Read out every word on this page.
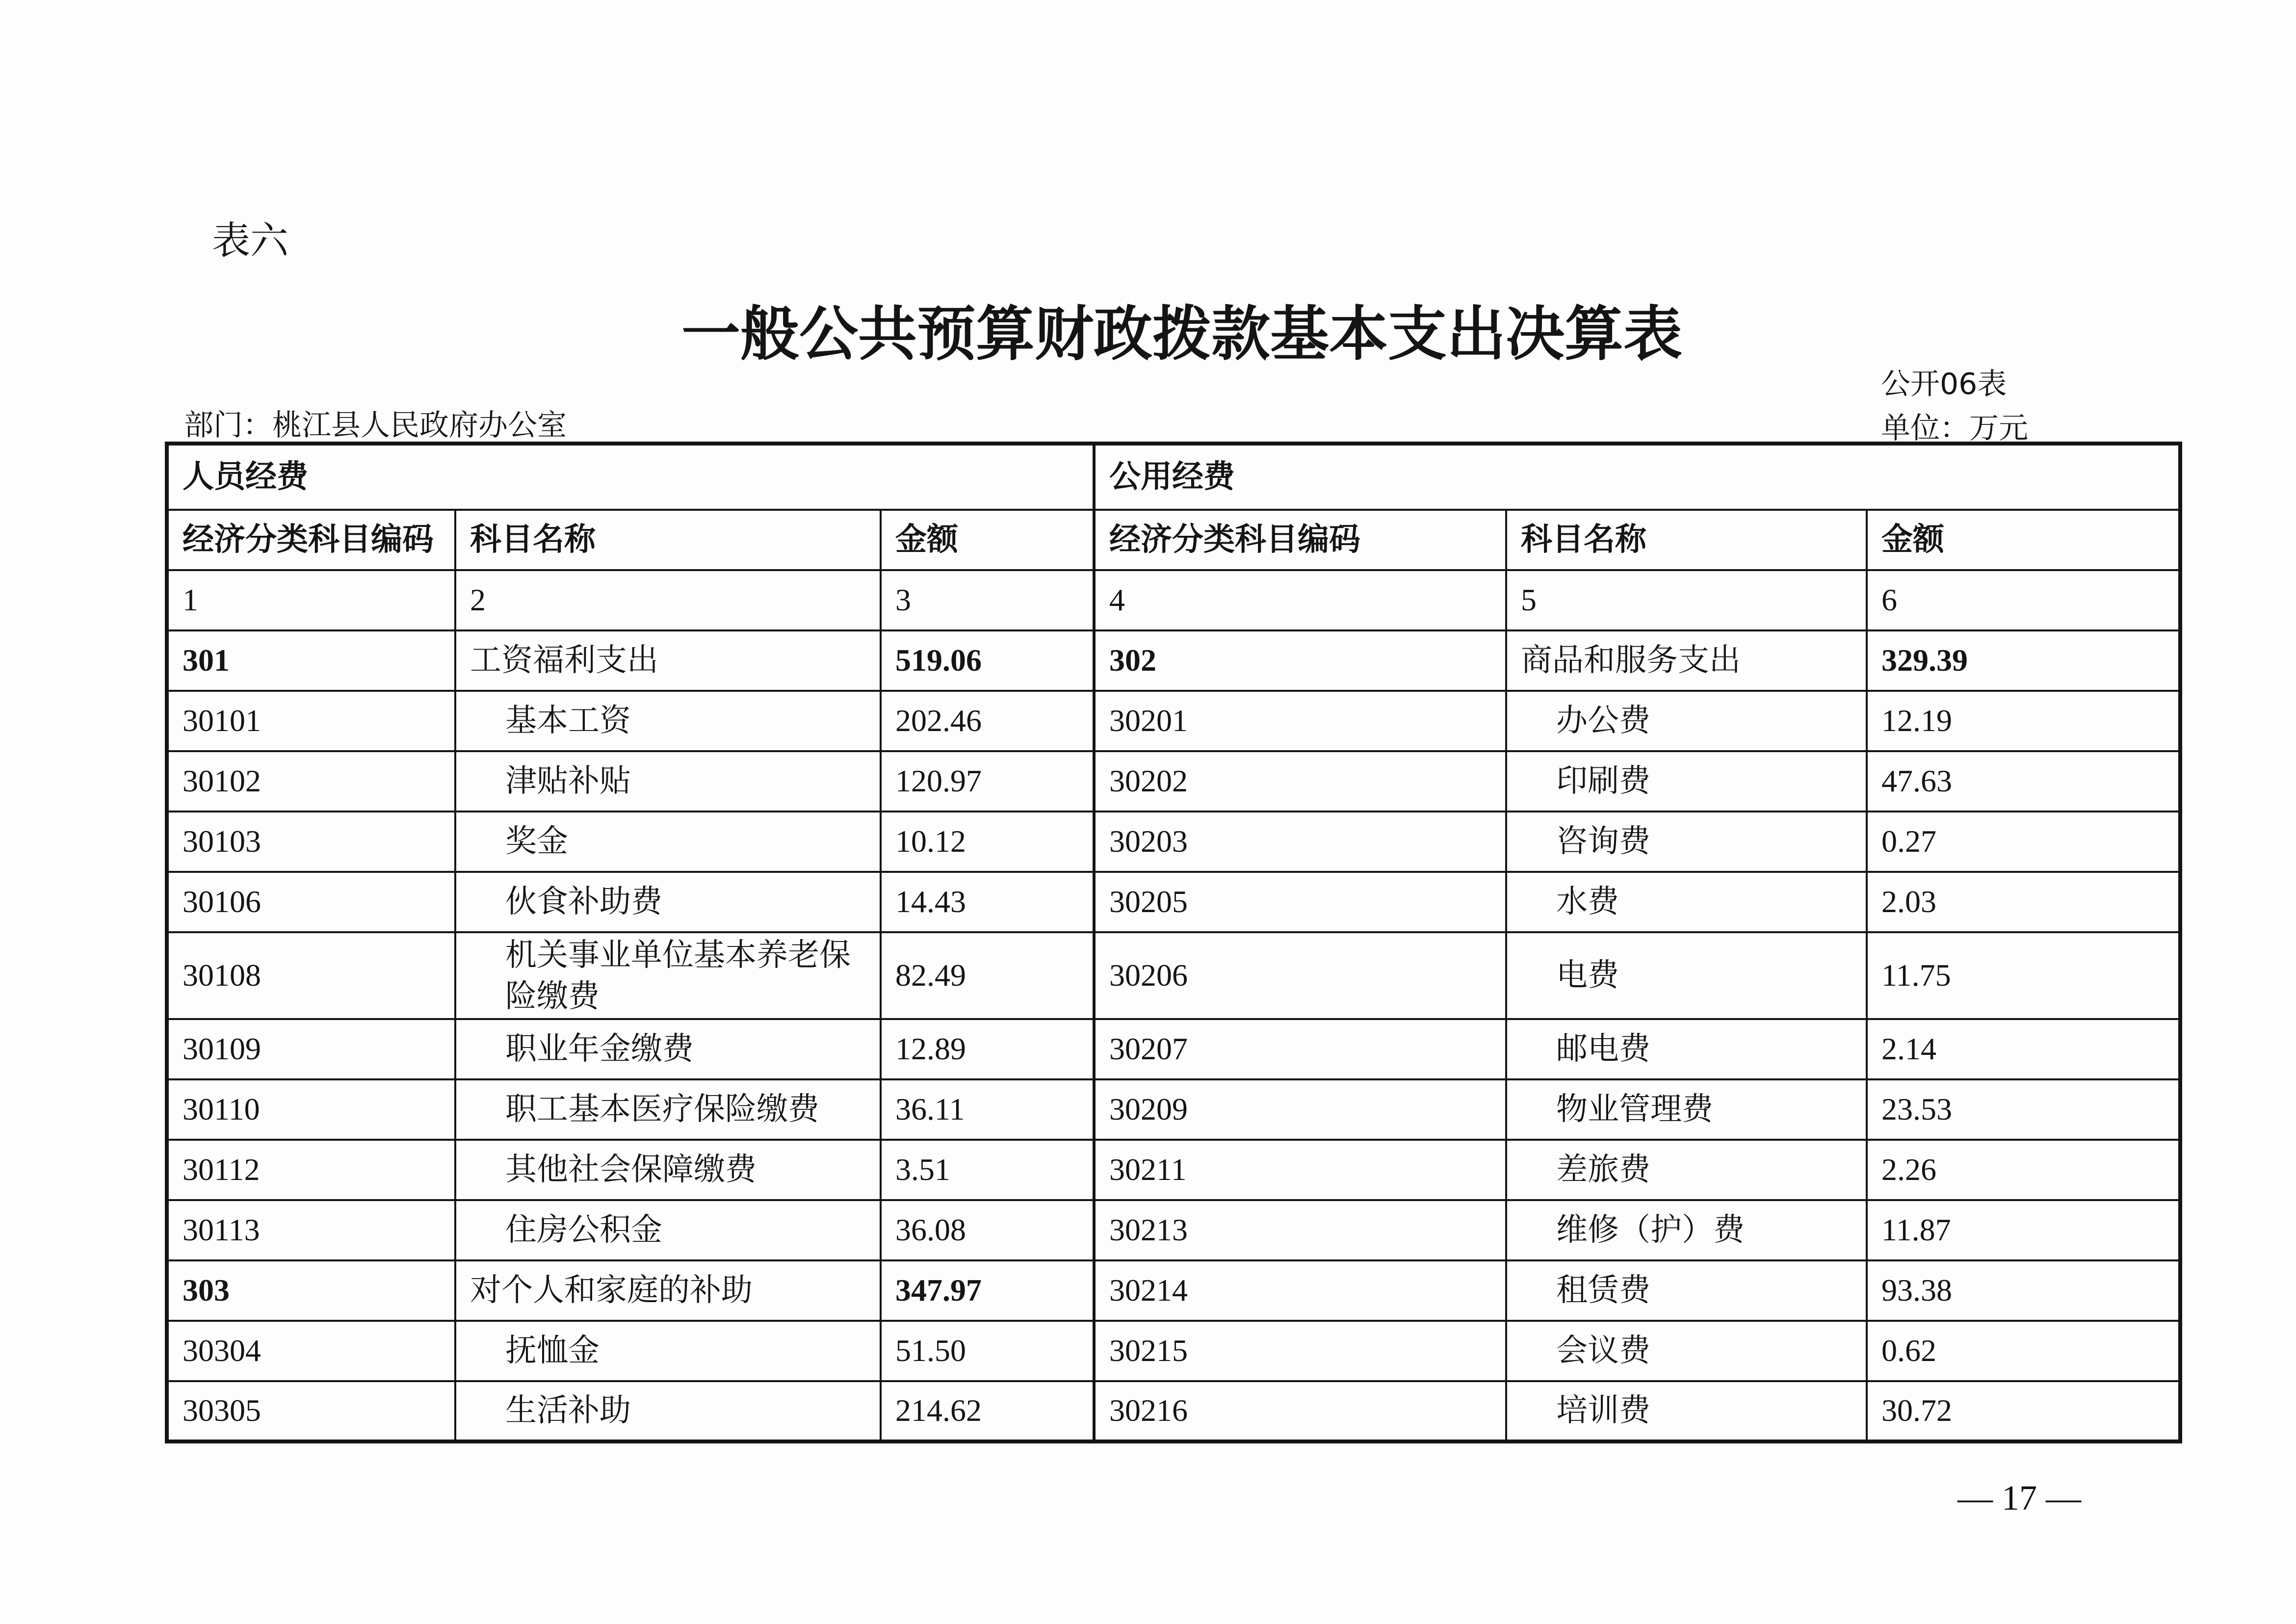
表六
一般公共预算财政拨款基本支出决算表
公开06表
单位：万元
部门：桃江县人民政府办公室
人员经费			公用经费		
经济分类科目编码	科目名称	金额	经济分类科目编码	科目名称	金额
1	2	3	4	5	6
301	工资福利支出	519.06	302	商品和服务支出	329.39
30101	基本工资	202.46	30201	办公费	12.19
30102	津贴补贴	120.97	30202	印刷费	47.63
30103	奖金	10.12	30203	咨询费	0.27
30106	伙食补助费	14.43	30205	水费	2.03
30108	机关事业单位基本养老保险缴费	82.49	30206	电费	11.75
30109	职业年金缴费	12.89	30207	邮电费	2.14
30110	职工基本医疗保险缴费	36.11	30209	物业管理费	23.53
30112	其他社会保障缴费	3.51	30211	差旅费	2.26
30113	住房公积金	36.08	30213	维修（护）费	11.87
303	对个人和家庭的补助	347.97	30214	租赁费	93.38
30304	抚恤金	51.50	30215	会议费	0.62
30305	生活补助	214.62	30216	培训费	30.72
— 17 —
